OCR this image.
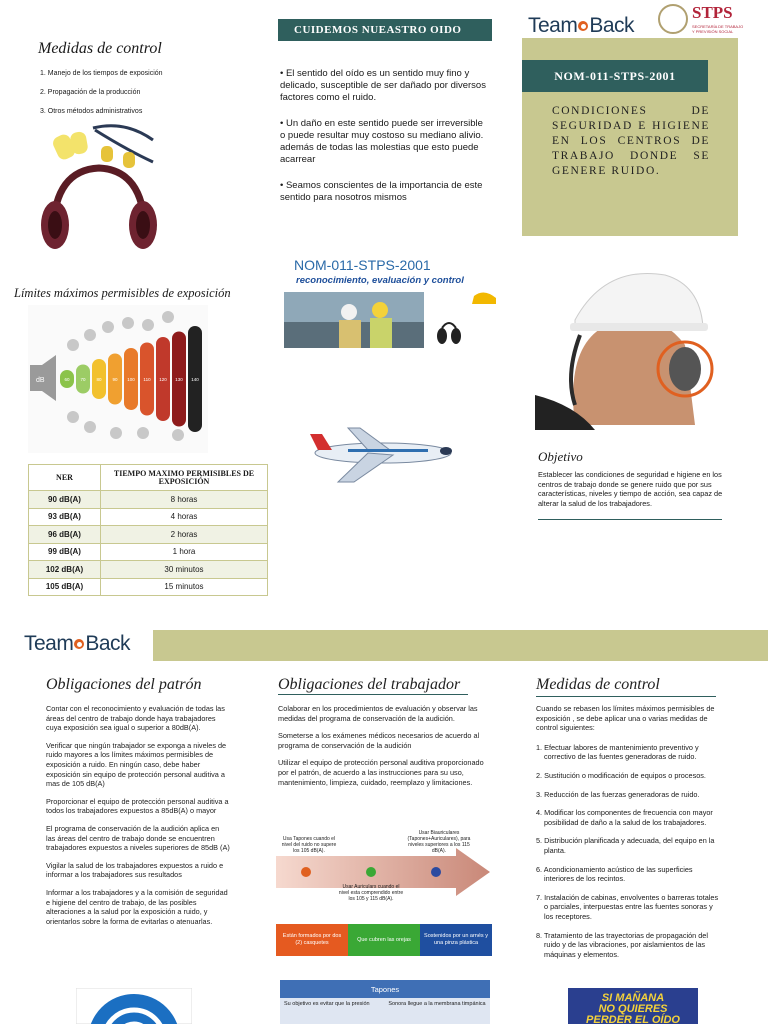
Medidas de control
1. Manejo de los tiempos de exposición
2. Propagación de la producción
3. Otros métodos administrativos
Límites máximos permisibles de exposición
dB	60 70 80 90 100 110 120 130 140
NER	TIEMPO MAXIMO PERMISIBLES DE EXPOSICIÓN
90 dB(A)	8 horas
93 dB(A)	4 horas
96 dB(A)	2 horas
99 dB(A)	1 hora
102 dB(A)	30 minutos
105 dB(A)	15 minutos
CUIDEMOS NUEASTRO OIDO

• El sentido del oído es un sentido muy fino y delicado, susceptible de ser dañado por diversos factores como el ruido.

• Un daño en este sentido puede ser irreversible o puede resultar muy costoso su mediano alivio. además de todas las molestias que esto puede acarrear

• Seamos conscientes de la importancia de este sentido para nosotros mismos

NOM-011-STPS-2001
reconocimiento, evaluación y control
Team Back
STPS
SECRETARÍA DE TRABAJO
Y PREVISIÓN SOCIAL
NOM-011-STPS-2001
CONDICIONES DE SEGURIDAD E HIGIENE EN LOS CENTROS DE TRABAJO DONDE SE GENERE RUIDO.
Objetivo
Establecer las condiciones de seguridad e higiene en los centros de trabajo donde se genere ruido que por sus características, niveles y tiempo de acción, sea capaz de alterar la salud de los trabajadores.
Team Back
Obligaciones del patrón

Contar con el reconocimiento y evaluación de todas las áreas del centro de trabajo donde haya trabajadores cuya exposición sea igual o superior a 80dB(A).

Verificar que ningún trabajador se exponga a niveles de ruido mayores a los límites máximos permisibles de exposición a ruido. En ningún caso, debe haber exposición sin equipo de protección personal auditiva a mas de 105 dB(A)

Proporcionar el equipo de protección personal auditiva a todos los trabajadores expuestos a 85dB(A) o mayor

El programa de conservación de la audición aplica en las áreas del centro de trabajo donde se encuentren trabajadores expuestos a niveles superiores de 85dB (A)

Vigilar la salud de los trabajadores expuestos a ruido e informar a los trabajadores sus resultados

Informar a los trabajadores y a la comisión de seguridad e higiene del centro de trabajo, de las posibles alteraciones a la salud por la exposición a ruido, y orientarlos sobre la forma de evitarlas o atenuarlas.

Obligaciones del trabajador

Colaborar en los procedimientos de evaluación y observar las medidas del programa de conservación de la audición.

Someterse a los exámenes médicos necesarios de acuerdo al programa de conservación de la audición

Utilizar el equipo de protección personal auditiva proporcionado por el patrón, de acuerdo a las instrucciones para su uso, mantenimiento, limpieza, cuidado, reemplazo y limitaciones.

Usa Tapones cuando el nivel del ruido no supere los 105 dB(A).
Usar Biauriculares (Tapones+Auriculares), para niveles superiores a los 115 dB(A).
Usar Auriculars cuando el nivel esta comprendido entre los 105 y 115 dB(A).
Están formados por dos (2) casquetes
Que cubren las orejas
Sostenidos por un arnés y una pinza plástica
Tapones
Su objetivo es evitar que la presión	Sonora llegue a la membrana timpánica
Medidas de control

Cuando se rebasen los límites máximos permisibles de exposición , se debe aplicar una o varias medidas de control siguientes:

1. Efectuar labores de mantenimiento preventivo y correctivo de las fuentes generadoras de ruido.
2. Sustitución o modificación de equipos o procesos.
3. Reducción de las fuerzas generadoras de ruido.
4. Modificar los componentes de frecuencia con mayor posibilidad de daño a la salud de los trabajadores.
5. Distribución planificada y adecuada, del equipo en la planta.
6. Acondicionamiento acústico de las superficies interiores de los recintos.
7. Instalación de cabinas, envolventes o barreras totales o parciales, interpuestas entre las fuentes sonoras y los receptores.
8. Tratamiento de las trayectorias de propagación del ruido y de las vibraciones, por aislamientos de las máquinas y elementos.
SI MAÑANA
NO QUIERES
PERDER EL OÍDO
